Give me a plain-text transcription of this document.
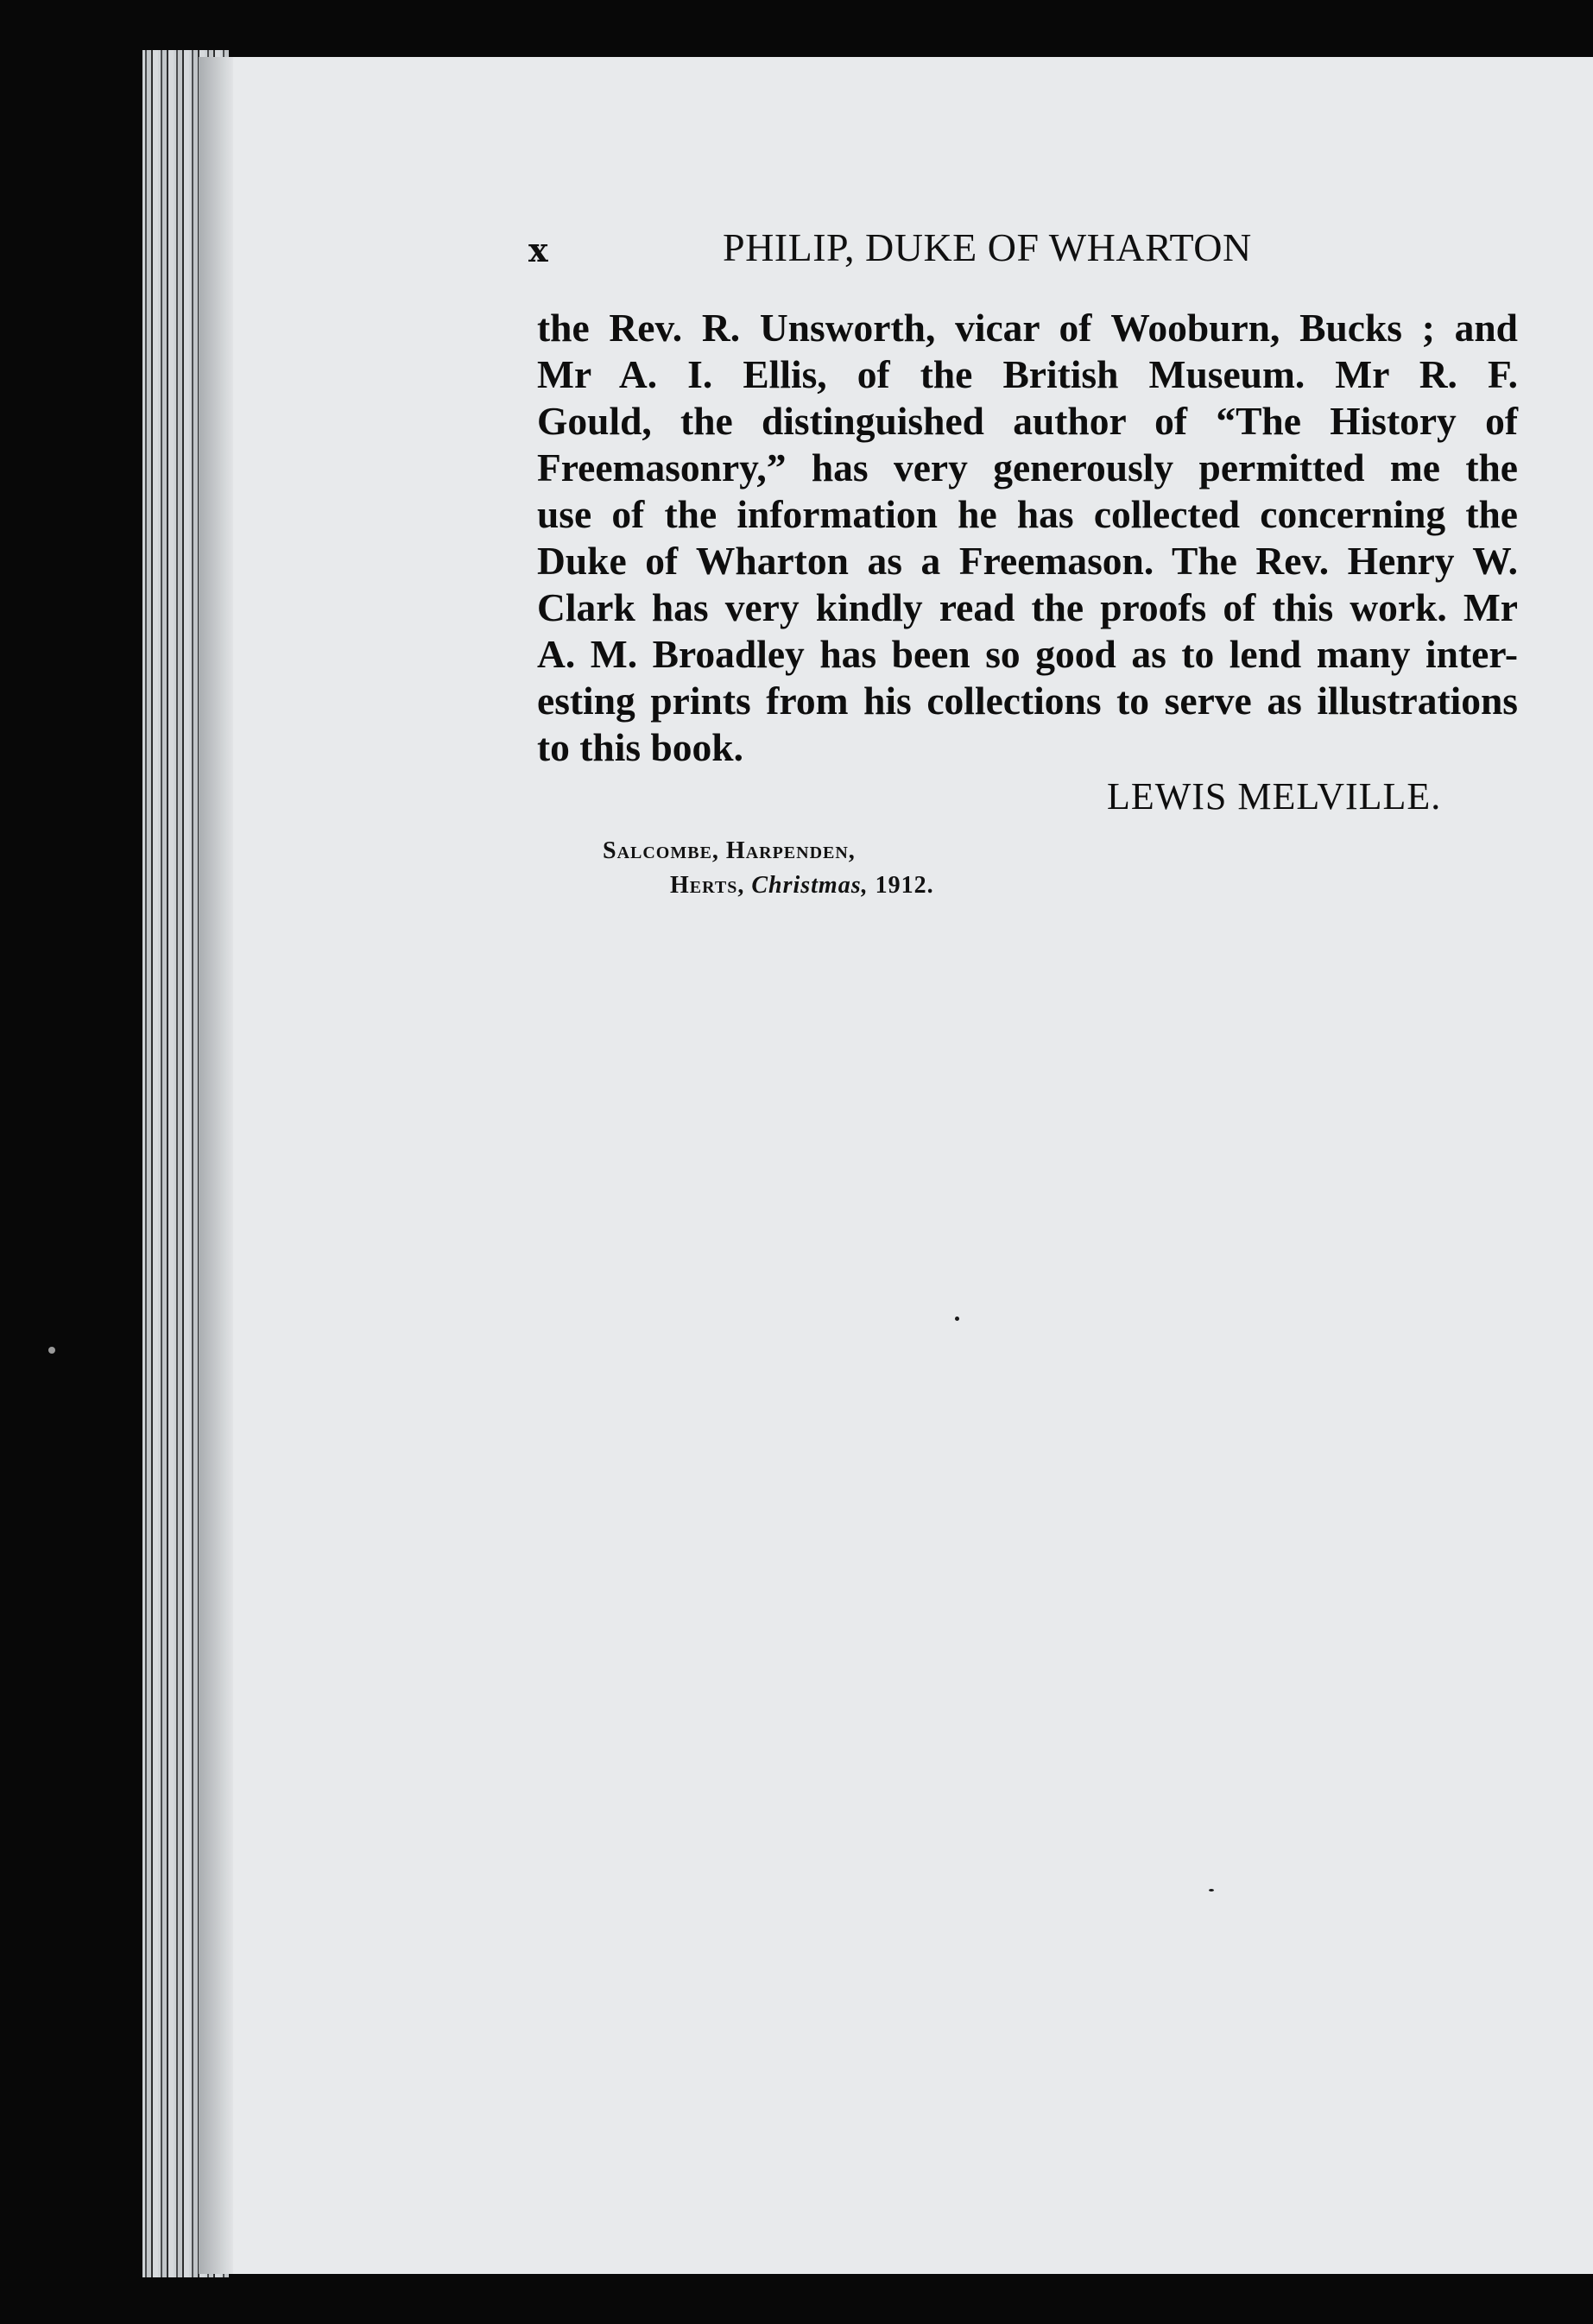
x	PHILIP, DUKE OF WHARTON
the Rev. R. Unsworth, vicar of Wooburn, Bucks ; and
Mr A. I. Ellis, of the British Museum. Mr R. F.
Gould, the distinguished author of “The History of
Freemasonry,” has very generously permitted me the
use of the information he has collected concerning the
Duke of Wharton as a Freemason. The Rev. Henry W.
Clark has very kindly read the proofs of this work. Mr
A. M. Broadley has been so good as to lend many inter-
esting prints from his collections to serve as illustrations
to this book.
LEWIS MELVILLE.
Salcombe, Harpenden,
Herts, Christmas, 1912.
